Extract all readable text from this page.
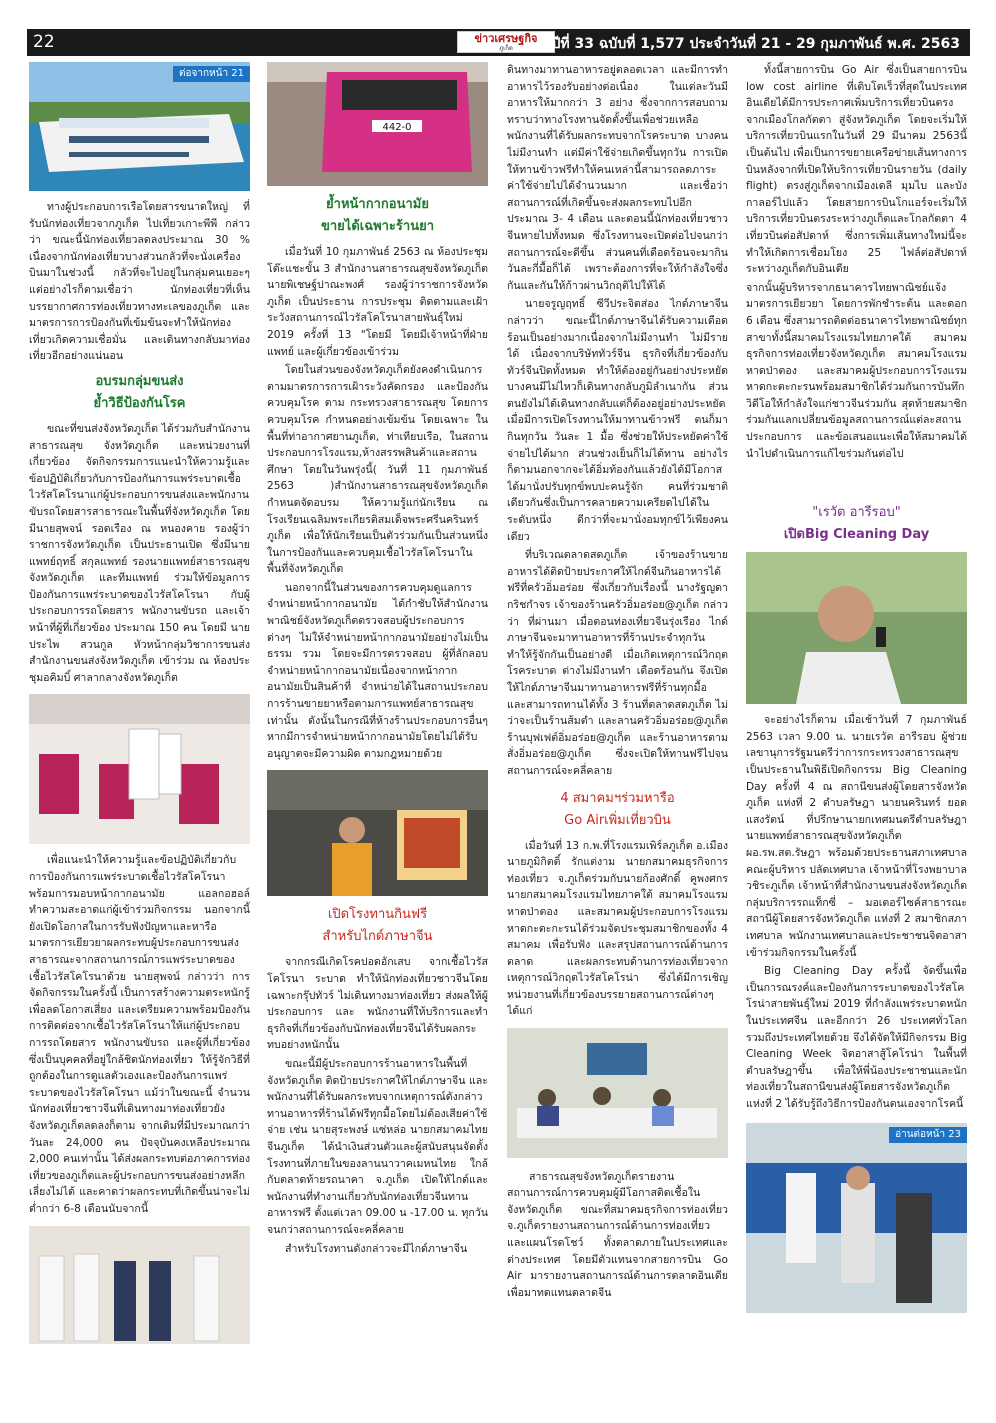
22	ข่าวเศรษฐกิจ
ภูเก็ต	ปีที่ 33 ฉบับที่ 1,577 ประจำวันที่ 21 - 29 กุมภาพันธ์ พ.ศ. 2563
ต่อจากหน้า 21

ทางผู้ประกอบการเรือโดยสารขนาดใหญ่ ที่รับนักท่องเที่ยวจากภูเก็ต ไปเที่ยวเกาะพีพี กล่าวว่า ขณะนี้นักท่องเที่ยวลดลงประมาณ 30 % เนื่องจากนักท่องเที่ยวบางส่วนกลัวที่จะนั่งเครื่องบินมาในช่วงนี้ กลัวที่จะไปอยู่ในกลุ่มคนเยอะๆ แต่อย่างไรก็ตามเชื่อว่า นักท่องเที่ยวที่เห็นบรรยากาศการท่องเที่ยวทางทะเลของภูเก็ต และมาตรการการป้องกันที่เข้มข้นจะทำให้นักท่องเที่ยวเกิดความเชื่อมั่น และเดินทางกลับมาท่องเที่ยวอีกอย่างแน่นอน

อบรมกลุ่มขนส่ง
ย้ำวิธีป้องกันโรค

ขณะที่ขนส่งจังหวัดภูเก็ต ได้ร่วมกับสำนักงานสาธารณสุข จังหวัดภูเก็ต และหน่วยงานที่เกี่ยวข้อง จัดกิจกรรมการแนะนำให้ความรู้และข้อปฏิบัติเกี่ยวกับการป้องกันการแพร่ระบาดเชื้อไวรัสโคโรนาแก่ผู้ประกอบการขนส่งและพนักงานขับรถโดยสารสาธารณะในพื้นที่จังหวัดภูเก็ต โดยมีนายสุพจน์ รอดเรือง ณ หนองคาย รองผู้ว่าราชการจังหวัดภูเก็ต เป็นประธานเปิด ซึ่งมีนายแพทย์ฤทธิ์ สกุลแพทย์ รองนายแพทย์สาธารณสุขจังหวัดภูเก็ต และทีมแพทย์ ร่วมให้ข้อมูลการป้องกันการแพร่ระบาดของไวรัสโคโรนา กับผู้ประกอบการรถโดยสาร พนักงานขับรถ และเจ้าหน้าที่ผู้ที่เกี่ยวข้อง ประมาณ 150 คน โดยมี นายประไพ สวนกูล หัวหน้ากลุ่มวิชาการขนส่ง สำนักงานขนส่งจังหวัดภูเก็ต เข้าร่วม ณ ห้องประชุมอคิมบิ์ ศาลากลางจังหวัดภูเก็ต

เพื่อแนะนำให้ความรู้และข้อปฏิบัติเกี่ยวกับการป้องกันการแพร่ระบาดเชื้อไวรัสโคโรนา พร้อมการมอบหน้ากากอนามัย แอลกอฮอล์ทำความสะอาดแก่ผู้เข้าร่วมกิจกรรม นอกจากนี้ยังเปิดโอกาสในการรับฟังปัญหาและหารือมาตรการเยียวยาผลกระทบผู้ประกอบการขนส่งสาธารณะจากสถานการณ์การแพร่ระบาดของเชื้อไวรัสโคโรนาด้วย นายสุพจน์ กล่าวว่า การจัดกิจกรรมในครั้งนี้ เป็นการสร้างความตระหนักรู้ เพื่อลดโอกาสเสี่ยง และเตรียมความพร้อมป้องกันการติดต่อจากเชื้อไวรัสโคโรนาให้แก่ผู้ประกอบการรถโดยสาร พนักงานขับรถ และผู้ที่เกี่ยวข้อง ซึ่งเป็นบุคคลที่อยู่ใกล้ชิดนักท่องเที่ยว ให้รู้จักวิธีที่ถูกต้องในการดูแลตัวเองและป้องกันการแพร่ระบาดของไวรัสโคโรนา แม้ว่าในขณะนี้ จำนวนนักท่องเที่ยวชาวจีนที่เดินทางมาท่องเที่ยวยังจังหวัดภูเก็ตลดลงก็ตาม จากเดิมที่มีประมาณกว่าวันละ 24,000 คน ปัจจุบันคงเหลือประมาณ 2,000 คนเท่านั้น ได้ส่งผลกระทบต่อภาคการท่องเที่ยวของภูเก็ตและผู้ประกอบการขนส่งอย่างหลีกเลี่ยงไม่ได้ และคาดว่าผลกระทบที่เกิดขึ้นน่าจะไม่ต่ำกว่า 6-8 เดือนนับจากนี้

442-0
ย้ำหน้ากากอนามัย
ขายได้เฉพาะร้านยา

เมื่อวันที่ 10 กุมภาพันธ์ 2563 ณ ห้องประชุม โต๊ะแชะขั้น 3 สำนักงานสาธารณสุขจังหวัดภูเก็ต นายพิเชษฐ์ปาณะพงศ์ รองผู้ว่าราชการจังหวัดภูเก็ต เป็นประธาน การประชุม ติดตามและเฝ้าระวังสถานการณ์ไวรัสโคโรนาสายพันธุ์ใหม่ 2019 ครั้งที่ 13 "โดยมี โดยมีเจ้าหน้าที่ฝ่ายแพทย์ และผู้เกี่ยวข้องเข้าร่วม

โดยในส่วนของจังหวัดภูเก็ตยังคงดำเนินการตามมาตรการการเฝ้าระวังคัดกรอง และป้องกันควบคุมโรค ตาม กระทรวงสาธารณสุข โดยการควบคุมโรค กำหนดอย่างเข้มข้น โดยเฉพาะ ในพื้นที่ท่าอากาศยานภูเก็ต, ท่าเทียบเรือ, ในสถานประกอบการโรงแรม,ห้างสรรพสินค้าและสถานศึกษา โดยในวันพรุ่งนี้( วันที่ 11 กุมภาพันธ์ 2563 )สำนักงานสาธารณสุขจังหวัดภูเก็ต กำหนดจัดอบรม ให้ความรู้แก่นักเรียน ณ โรงเรียนเฉลิมพระเกียรติสมเด็จพระศรีนครินทร์ภูเก็ต เพื่อให้นักเรียนเป็นตัวร่วมกันเป็นส่วนหนึ่งในการป้องกันและควบคุมเชื้อไวรัสโคโรนาในพื้นที่จังหวัดภูเก็ต

นอกจากนี้ในส่วนของการควบคุมดูแลการจำหน่ายหน้ากากอนามัย ได้กำชับให้สำนักงานพาณิชย์จังหวัดภูเก็ตตรวจสอบผู้ประกอบการต่างๆ ไม่ให้จำหน่ายหน้ากากอนามัยอย่างไม่เป็นธรรม รวม โดยจะมีการตรวจสอบ ผู้ที่ลักลอบจำหน่ายหน้ากากอนามัยเนื่องจากหน้ากากอนามัยเป็นสินค้าที่ จำหน่ายได้ในสถานประกอบการร้านขายยาหรือตามการแพทย์สาธารณสุขเท่านั้น ดังนั้นในกรณีที่ห้างร้านประกอบการอื่นๆ หากมีการจำหน่ายหน้ากากอนามัยโดยไม่ได้รับอนุญาตจะมีความผิด ตามกฎหมายด้วย

เปิดโรงทานกินฟรี
สำหรับไกด์ภาษาจีน

จากกรณีเกิดโรคปอดอักเสบ จากเชื้อไวรัสโคโรนา ระบาด ทำให้นักท่องเที่ยวชาวจีนโดยเฉพาะกรุ๊ปทัวร์ ไม่เดินทางมาท่องเที่ยว ส่งผลให้ผู้ประกอบการ และ พนักงานที่ให้บริการและทำธุรกิจที่เกี่ยวข้องกับนักท่องเที่ยวจีนได้รับผลกระทบอย่างหนักนั้น

ขณะนี้มีผู้ประกอบการร้านอาหารในพื้นที่จังหวัดภูเก็ต ติดป้ายประกาศให้ไกด์ภาษาจีน และพนักงานที่ได้รับผลกระทบจากเหตุการณ์ดังกล่าวทานอาหารที่ร้านได้ฟรีทุกมื้อโดยไม่ต้องเสียค่าใช้จ่าย เช่น นายสุระพงษ์ แซ่หล่อ นายกสมาคมไทยจีนภูเก็ต ได้นำเงินส่วนตัวและผู้สนับสนุนจัดตั้งโรงทานที่ภายในของลานนาวาคเมหนไทย ใกล้กับตลาดท้ายรถนาคา จ.ภูเก็ต เปิดให้ไกด์และพนักงานที่ทำงานเกี่ยวกับนักท่องเที่ยวจีนทานอาหารฟรี ตั้งแต่เวลา 09.00 น -17.00 น. ทุกวัน จนกว่าสถานการณ์จะคลี่คลาย

สำหรับโรงทานดังกล่าวจะมีไกด์ภาษาจีน

ดินทางมาทานอาหารอยู่ตลอดเวลา และมีการทำอาหารไว้รองรับอย่างต่อเนื่อง ในแต่ละวันมีอาหารให้มากกว่า 3 อย่าง ซึ่งจากการสอบถามทราบว่าทางโรงทานจัดตั้งขึ้นเพื่อช่วยเหลือพนักงานที่ได้รับผลกระทบจากโรคระบาด บางคนไม่มีงานทำ แต่มีค่าใช้จ่ายเกิดขึ้นทุกวัน การเปิดให้ทานข้าวฟรีทำให้คนเหล่านี้สามารถลดภาระค่าใช้จ่ายไปได้จำนวนมาก และเชื่อว่าสถานการณ์ที่เกิดขึ้นจะส่งผลกระทบไปอีกประมาณ 3- 4 เดือน และตอนนี้นักท่องเที่ยวชาวจีนหายไปทั้งหมด ซึ่งโรงทานจะเปิดต่อไปจนกว่าสถานการณ์จะดีขึ้น ส่วนคนที่เดือดร้อนจะมากินวันละกี่มื้อก็ได้ เพราะต้องการที่จะให้กำลังใจซึ่งกันและกันให้ก้าวผ่านวิกฤติไปให้ได้

นายจรูญฤทธิ์ ซีวีประจิตส่อง ไกด์ภาษาจีน กล่าวว่า ขณะนี้ไกด์ภาษาจีนได้รับความเดือดร้อนเป็นอย่างมากเนื่องจากไม่มีงานทำ ไม่มีรายได้ เนื่องจากบริษัททัวร์จีน ธุรกิจที่เกี่ยวข้องกับทัวร์จีนปิดทั้งหมด ทำให้ต้องอยู่กันอย่างประหยัด บางคนมีไม่ไหวก็เดินทางกลับภูมิลำเนากัน ส่วนตนยังไม่ได้เดินทางกลับแต่ก็ต้องอยู่อย่างประหยัด เมื่อมีการเปิดโรงทานให้มาทานข้าวฟรี ตนก็มากินทุกวัน วันละ 1 มื้อ ซึ่งช่วยให้ประหยัดค่าใช้จ่ายไปได้มาก ส่วนช่วงเย็นก็ไม่ได้ทาน อย่างไรก็ตามนอกจากจะได้อิ่มท้องกันแล้วยังได้มีโอกาสได้มานั่งปรับทุกข์พบปะคนรู้จัก คนที่ร่วมชาติเดียวกันซึ่งเป็นการคลายความเครียดไปได้ในระดับหนึ่ง ดีกว่าที่จะมานั่งอมทุกข์ไว้เพียงคนเดียว

ที่บริเวณตลาดสดภูเก็ต เจ้าของร้านขายอาหารได้ติดป้ายประกาศให้ไกด์จีนกินอาหารได้ฟรีที่ครัวอิ่มอร่อย ซึ่งเกี่ยวกับเรื่องนี้ นางรัฐญดา กริชกำจร เจ้าของร้านครัวอิ่มอร่อย@ภูเก็ต กล่าวว่า ที่ผ่านมา เมื่อตอนท่องเที่ยวจีนรุ่งเรือง ไกด์ภาษาจีนจะมาทานอาหารที่ร้านประจำทุกวันทำให้รู้จักกันเป็นอย่างดี เมื่อเกิดเหตุการณ์วิกฤตโรคระบาด ต่างไม่มีงานทำ เดือดร้อนกัน จึงเปิดให้ไกด์ภาษาจีนมาทานอาหารฟรีที่ร้านทุกมื้อ และสามารถทานได้ทั้ง 3 ร้านที่ตลาดสดภูเก็ต ไม่ว่าจะเป็นร้านส้มตำ และลานครัวอิ่มอร่อย@ภูเก็ต ร้านบุฟเฟต์อิ่มอร่อย@ภูเก็ต และร้านอาหารตามสั่งอิ่มอร่อย@ภูเก็ต ซึ่งจะเปิดให้ทานฟรีไปจนสถานการณ์จะคลี่คลาย

4 สมาคมฯร่วมหารือ
Go Airเพิ่มเที่ยวบิน

เมื่อวันที่ 13 ก.พ.ที่โรงแรมเพิร์ลภูเก็ต อ.เมือง นายภูมิกิตติ์ รักแต่งาม นายกสมาคมธุรกิจการท่องเที่ยว จ.ภูเก็ตร่วมกับนายก้องศักดิ์ คูพงศกร นายกสมาคมโรงแรมไทยภาคใต้ สมาคมโรงแรมหาดป่าตอง และสมาคมผู้ประกอบการโรงแรมหาดกะตะกะรนได้ร่วมจัดประชุมสมาชิกของทั้ง 4 สมาคม เพื่อรับฟัง และสรุปสถานการณ์ด้านการตลาด และผลกระทบด้านการท่องเที่ยวจากเหตุการณ์วิกฤตไวรัสโคโรน่า ซึ่งได้มีการเชิญหน่วยงานที่เกี่ยวข้องบรรยายสถานการณ์ต่างๆ ได้แก่

สาธารณสุขจังหวัดภูเก็ตรายงานสถานการณ์การควบคุมผู้มีโอกาสติดเชื้อในจังหวัดภูเก็ต ขณะที่สมาคมธุรกิจการท่องเที่ยว จ.ภูเก็ตรายงานสถานการณ์ด้านการท่องเที่ยว และแผนโรดโชว์ ทั้งตลาดภายในประเทศและต่างประเทศ โดยมีตัวแทนจากสายการบิน Go Air มารายงานสถานการณ์ด้านการตลาดอินเดีย เพื่อมาทดแทนตลาดจีน

ทั้งนี้สายการบิน Go Air ซึ่งเป็นสายการบิน low cost airline ที่เติบโตเร็วที่สุดในประเทศอินเดียได้มีการประกาศเพิ่มบริการเที่ยวบินตรงจากเมืองโกลกัตตา สู่จังหวัดภูเก็ต โดยจะเริ่มให้บริการเที่ยวบินแรกในวันที่ 29 มีนาคม 2563นี้เป็นต้นไป เพื่อเป็นการขยายเครือข่ายเส้นทางการบินหลังจากที่เปิดให้บริการเที่ยวบินรายวัน (daily flight) ตรงสู่ภูเก็ตจากเมืองเดลี มุมไบ และบังกาลอร์ไปแล้ว โดยสายการบินโกแอร์จะเริ่มให้บริการเที่ยวบินตรงระหว่างภูเก็ตและโกลกัตตา 4 เที่ยวบินต่อสัปดาห์ ซึ่งการเพิ่มเส้นทางใหม่นี้จะทำให้เกิดการเชื่อมโยง 25 ไฟล์ต่อสัปดาห์ระหว่างภูเก็ตกับอินเดีย

จากนั้นผู้บริหารจากธนาคารไทยพาณิชย์แจ้งมาตรการเยียวยา โดยการพักชำระต้น และดอก 6 เดือน ซึ่งสามารถติดต่อธนาคารไทยพาณิชย์ทุกสาขาทั้งนี้สมาคมโรงแรมไทยภาคใต้ สมาคมธุรกิจการท่องเที่ยวจังหวัดภูเก็ต สมาคมโรงแรมหาดป่าตอง และสมาคมผู้ประกอบการโรงแรมหาดกะตะกะรนพร้อมสมาชิกได้ร่วมกันการบันทึกวิดีโอให้กำลังใจแก่ชาวจีนร่วมกัน สุดท้ายสมาชิกร่วมกันแลกเปลี่ยนข้อมูลสถานการณ์แต่ละสถานประกอบการ และข้อเสนอแนะเพื่อให้สมาคมได้นำไปดำเนินการแก้ไขร่วมกันต่อไป

"เรวัต อารีรอบ"
เปิดBig Cleaning Day

จะอย่างไรก็ตาม เมื่อเช้าวันที่ 7 กุมภาพันธ์ 2563 เวลา 9.00 น. นายเรวัต อารีรอบ ผู้ช่วยเลขานุการรัฐมนตรีว่าการกระทรวงสาธารณสุข เป็นประธานในพิธีเปิดกิจกรรม Big Cleaning Day ครั้งที่ 4 ณ สถานีขนส่งผู้โดยสารจังหวัดภูเก็ต แห่งที่ 2 ตำบลรัษฎา นายนครินทร์ ยอดแสงรัตน์ ที่ปรึกษานายกเทศมนตรีตำบลรัษฎา นายแพทย์สาธารณสุขจังหวัดภูเก็ต ผอ.รพ.สต.รัษฎา พร้อมด้วยประธานสภาเทศบาล คณะผู้บริหาร ปลัดเทศบาล เจ้าหน้าที่โรงพยาบาลวชิระภูเก็ต เจ้าหน้าที่สำนักงานขนส่งจังหวัดภูเก็ต กลุ่มบริการรถแท็กซี่ – มอเตอร์ไซค์สาธารณะ สถานีผู้โดยสารจังหวัดภูเก็ต แห่งที่ 2 สมาชิกสภาเทศบาล พนักงานเทศบาลและประชาชนจิตอาสาเข้าร่วมกิจกรรมในครั้งนี้

Big Cleaning Day ครั้งนี้ จัดขึ้นเพื่อเป็นการณรงค์และป้องกันการระบาดของไวรัสโคโรน่าสายพันธุ์ใหม่ 2019 ที่กำลังแพร่ระบาดหนักในประเทศจีน และอีกกว่า 26 ประเทศทั่วโลก รวมถึงประเทศไทยด้วย จึงได้จัดให้มีกิจกรรม Big Cleaning Week จิตอาสาสู้โคโรน่า ในพื้นที่ตำบลรัษฎาขึ้น เพื่อให้พี่น้องประชาชนและนักท่องเที่ยวในสถานีขนส่งผู้โดยสารจังหวัดภูเก็ต แห่งที่ 2 ได้รับรู้ถึงวิธีการป้องกันตนเองจากโรคนี้

อ่านต่อหน้า 23
